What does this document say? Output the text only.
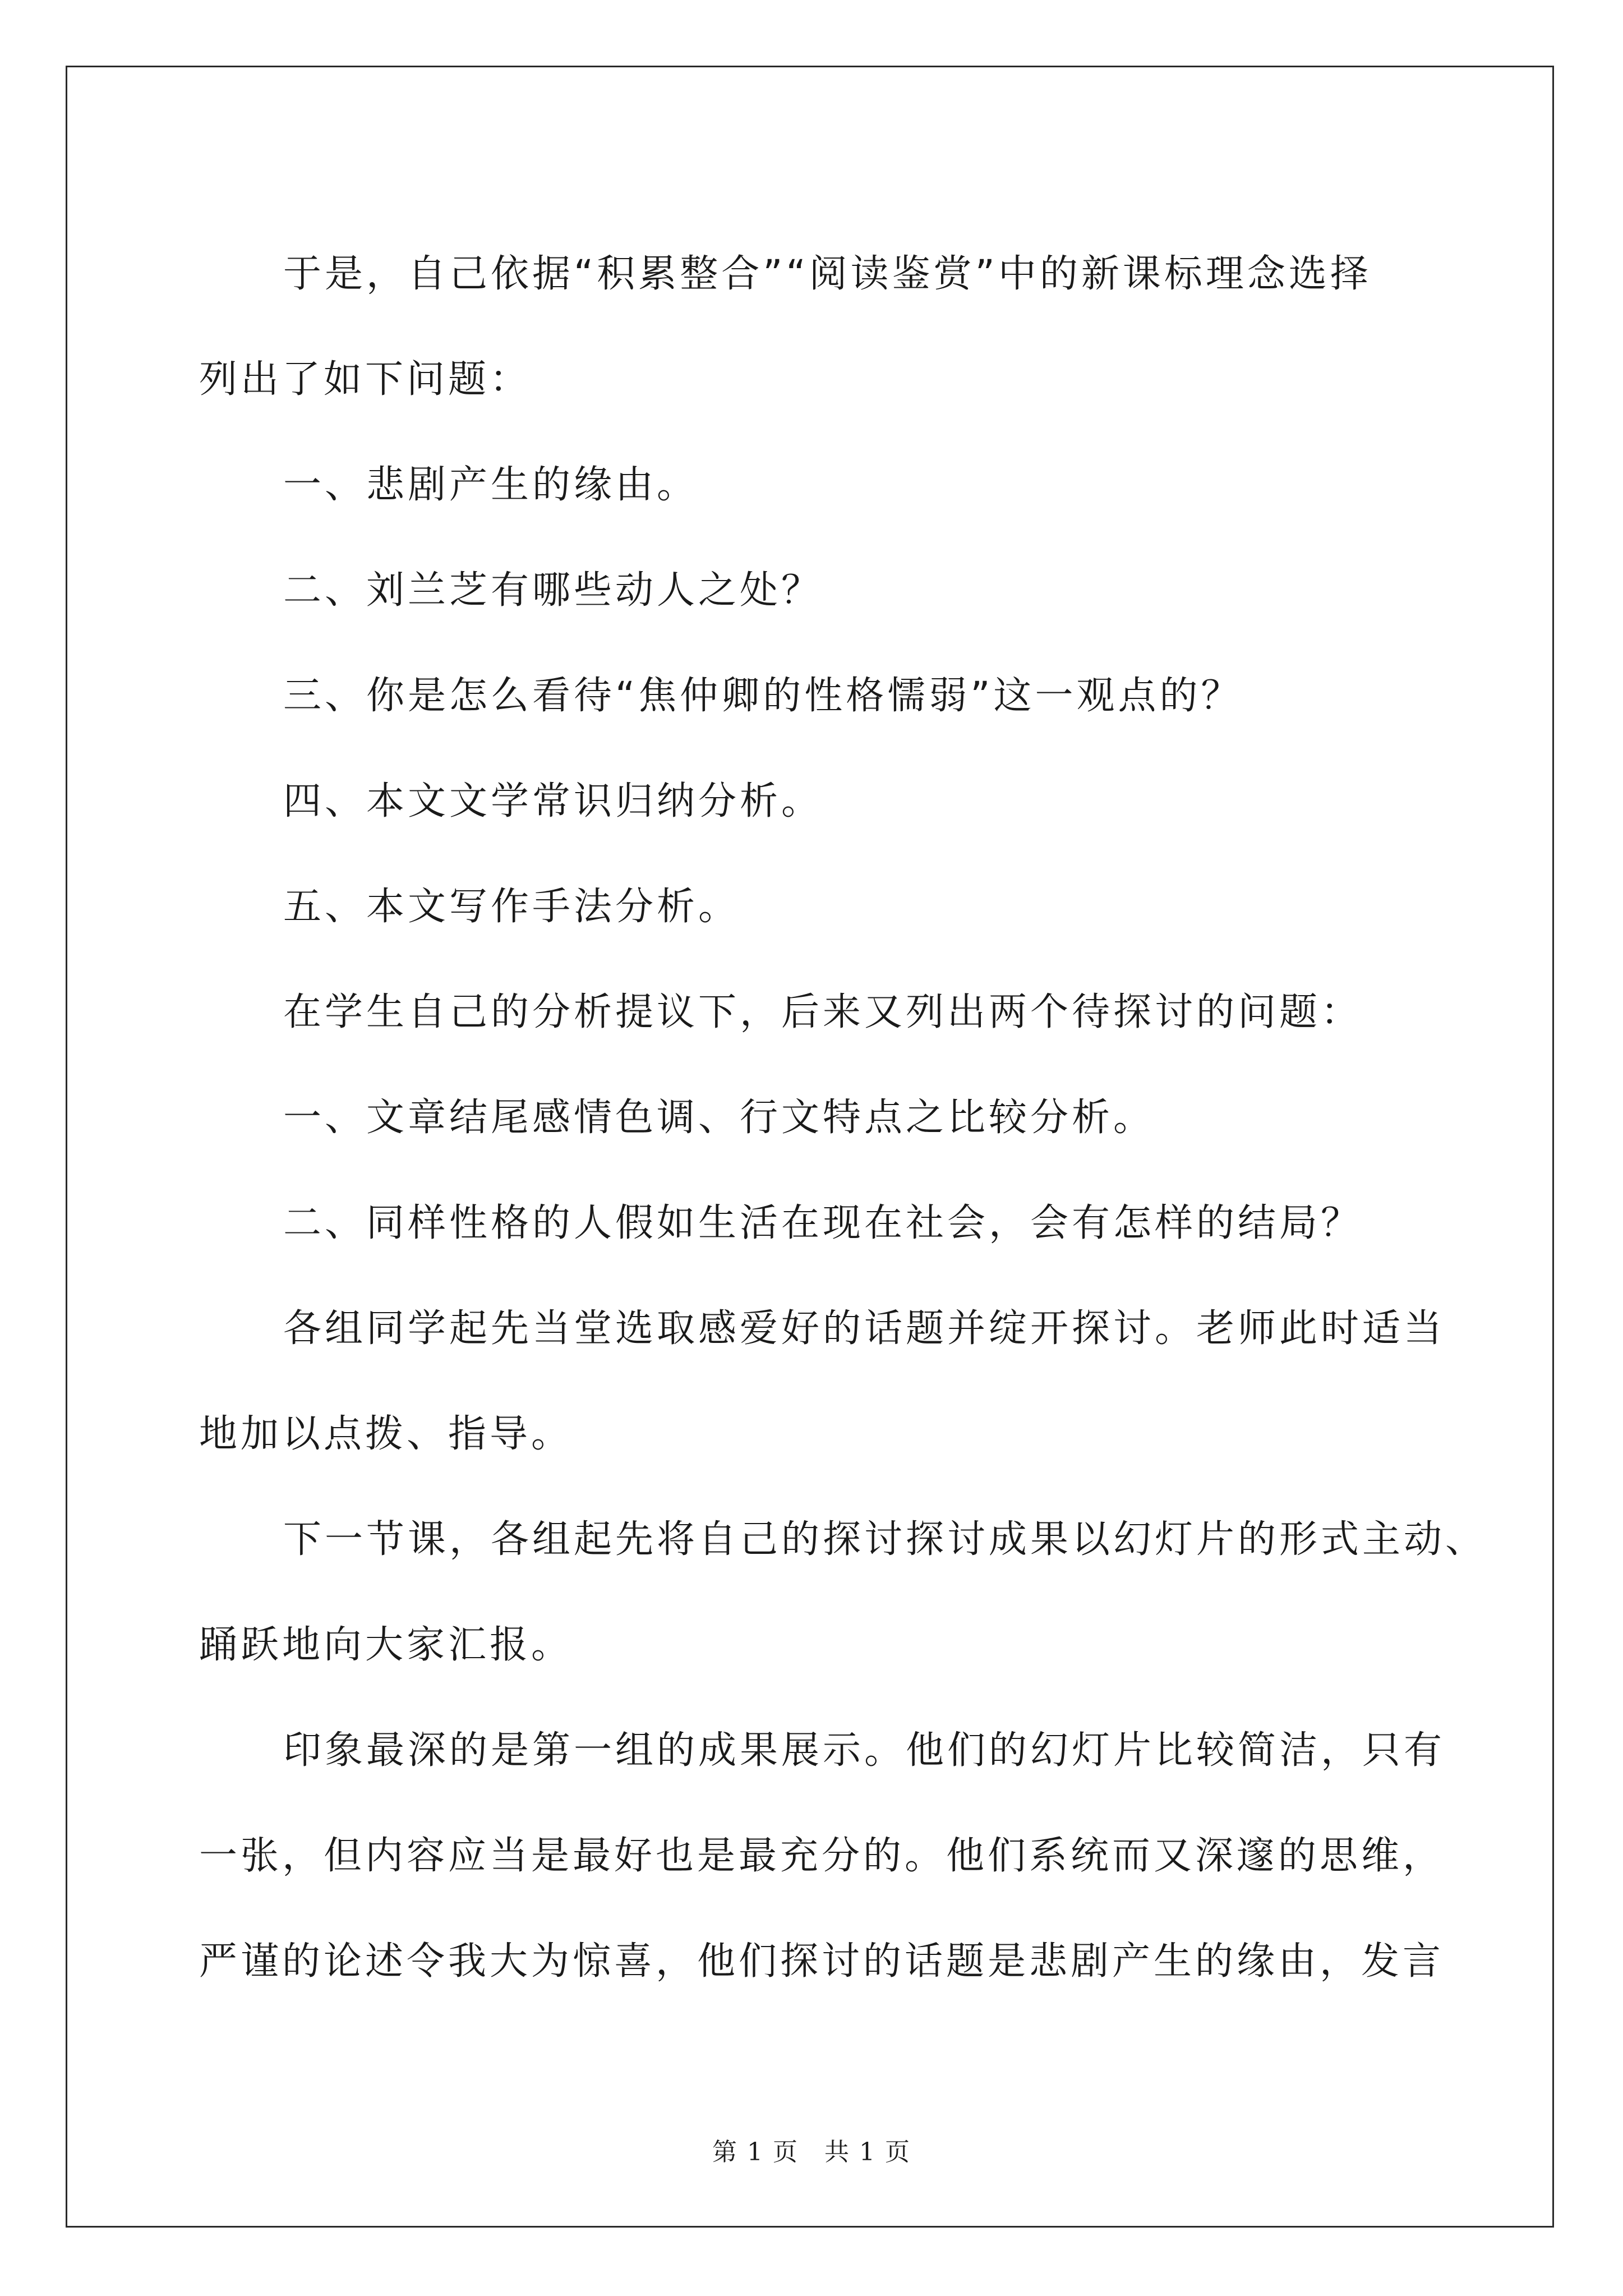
于是，自己依据“积累整合”“阅读鉴赏”中的新课标理念选择

列出了如下问题：

一、悲剧产生的缘由。

二、刘兰芝有哪些动人之处？

三、你是怎么看待“焦仲卿的性格懦弱”这一观点的？

四、本文文学常识归纳分析。

五、本文写作手法分析。

在学生自己的分析提议下，后来又列出两个待探讨的问题：

一、文章结尾感情色调、行文特点之比较分析。

二、同样性格的人假如生活在现在社会，会有怎样的结局？

各组同学起先当堂选取感爱好的话题并绽开探讨。老师此时适当

地加以点拨、指导。

下一节课，各组起先将自己的探讨探讨成果以幻灯片的形式主动、

踊跃地向大家汇报。

印象最深的是第一组的成果展示。他们的幻灯片比较简洁，只有

一张，但内容应当是最好也是最充分的。他们系统而又深邃的思维，

严谨的论述令我大为惊喜，他们探讨的话题是悲剧产生的缘由，发言

第 1 页　共 1 页
